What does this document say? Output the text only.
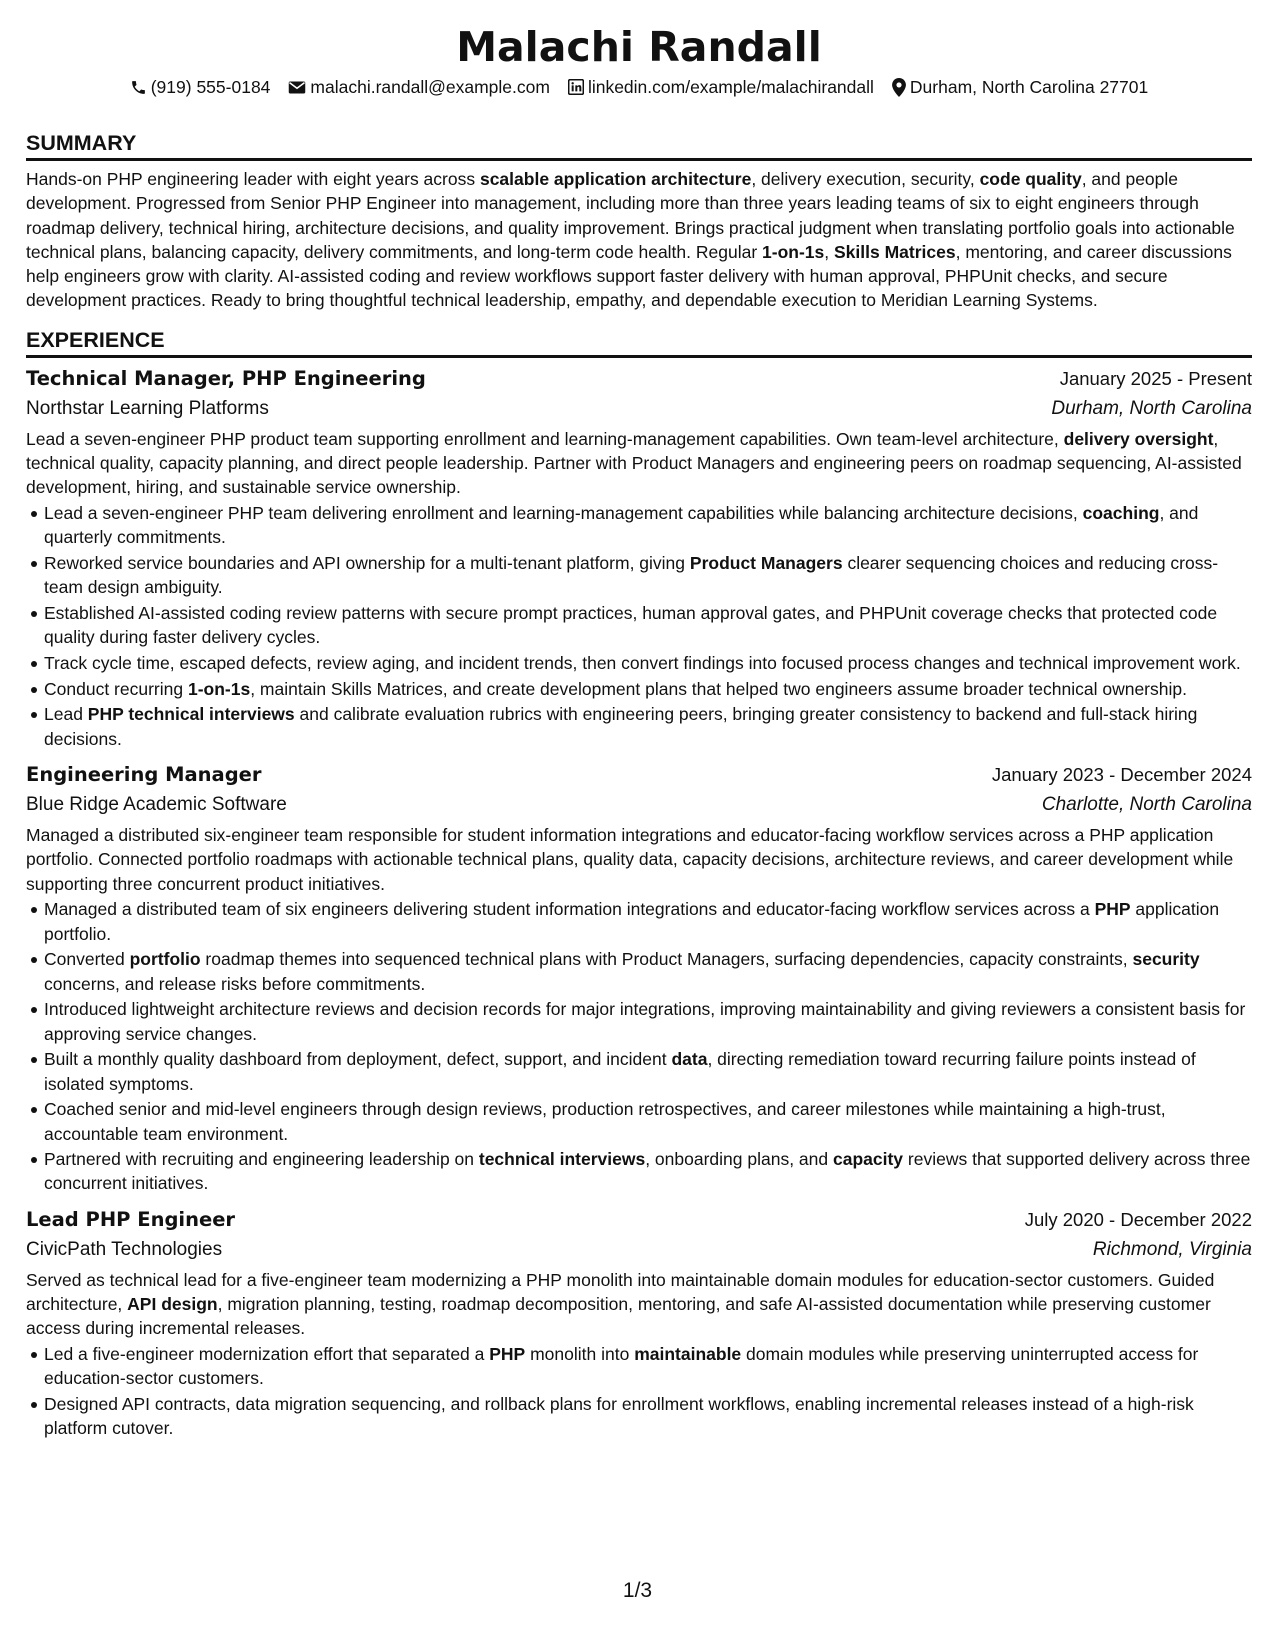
Malachi Randall
(919) 555-0184 malachi.randall@example.com linkedin.com/example/malachirandall Durham, North Carolina 27701
SUMMARY

Hands-on PHP engineering leader with eight years across scalable application architecture, delivery execution, security, code quality, and people development. Progressed from Senior PHP Engineer into management, including more than three years leading teams of six to eight engineers through roadmap delivery, technical hiring, architecture decisions, and quality improvement. Brings practical judgment when translating portfolio goals into actionable technical plans, balancing capacity, delivery commitments, and long-term code health. Regular 1-on-1s, Skills Matrices, mentoring, and career discussions help engineers grow with clarity. AI-assisted coding and review workflows support faster delivery with human approval, PHPUnit checks, and secure development practices. Ready to bring thoughtful technical leadership, empathy, and dependable execution to Meridian Learning Systems.

EXPERIENCE
Technical Manager, PHP Engineering	January 2025 - Present
Northstar Learning Platforms	Durham, North Carolina

Lead a seven-engineer PHP product team supporting enrollment and learning-management capabilities. Own team-level architecture, delivery oversight, technical quality, capacity planning, and direct people leadership. Partner with Product Managers and engineering peers on roadmap sequencing, AI-assisted development, hiring, and sustainable service ownership.

Lead a seven-engineer PHP team delivering enrollment and learning-management capabilities while balancing architecture decisions, coaching, and quarterly commitments.
Reworked service boundaries and API ownership for a multi-tenant platform, giving Product Managers clearer sequencing choices and reducing cross-team design ambiguity.
Established AI-assisted coding review patterns with secure prompt practices, human approval gates, and PHPUnit coverage checks that protected code quality during faster delivery cycles.
Track cycle time, escaped defects, review aging, and incident trends, then convert findings into focused process changes and technical improvement work.
Conduct recurring 1-on-1s, maintain Skills Matrices, and create development plans that helped two engineers assume broader technical ownership.
Lead PHP technical interviews and calibrate evaluation rubrics with engineering peers, bringing greater consistency to backend and full-stack hiring decisions.
Engineering Manager	January 2023 - December 2024
Blue Ridge Academic Software	Charlotte, North Carolina

Managed a distributed six-engineer team responsible for student information integrations and educator-facing workflow services across a PHP application portfolio. Connected portfolio roadmaps with actionable technical plans, quality data, capacity decisions, architecture reviews, and career development while supporting three concurrent product initiatives.

Managed a distributed team of six engineers delivering student information integrations and educator-facing workflow services across a PHP application portfolio.
Converted portfolio roadmap themes into sequenced technical plans with Product Managers, surfacing dependencies, capacity constraints, security concerns, and release risks before commitments.
Introduced lightweight architecture reviews and decision records for major integrations, improving maintainability and giving reviewers a consistent basis for approving service changes.
Built a monthly quality dashboard from deployment, defect, support, and incident data, directing remediation toward recurring failure points instead of isolated symptoms.
Coached senior and mid-level engineers through design reviews, production retrospectives, and career milestones while maintaining a high-trust, accountable team environment.
Partnered with recruiting and engineering leadership on technical interviews, onboarding plans, and capacity reviews that supported delivery across three concurrent initiatives.
Lead PHP Engineer	July 2020 - December 2022
CivicPath Technologies	Richmond, Virginia

Served as technical lead for a five-engineer team modernizing a PHP monolith into maintainable domain modules for education-sector customers. Guided architecture, API design, migration planning, testing, roadmap decomposition, mentoring, and safe AI-assisted documentation while preserving customer access during incremental releases.

Led a five-engineer modernization effort that separated a PHP monolith into maintainable domain modules while preserving uninterrupted access for education-sector customers.
Designed API contracts, data migration sequencing, and rollback plans for enrollment workflows, enabling incremental releases instead of a high-risk platform cutover.
1/3
